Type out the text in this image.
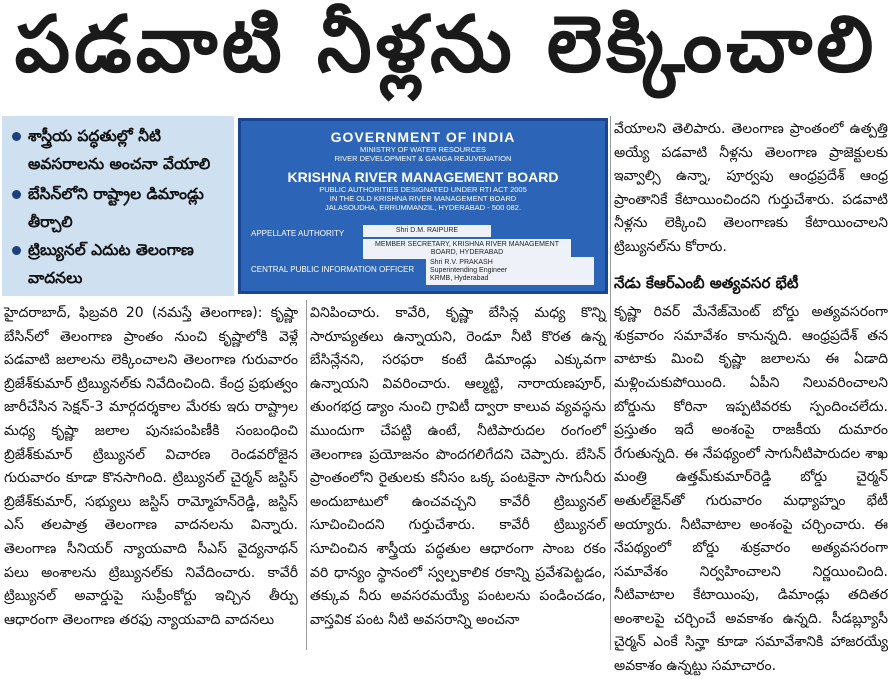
పడవాటి నీళ్లను లెక్కించాలి
శాస్త్రీయ పద్ధతుల్లో నీటి అవసరాలను అంచనా వేయాలి
బేసిన్‌లోని రాష్ట్రాల డిమాండ్లు తీర్చాలి
ట్రిబ్యునల్ ఎదుట తెలంగాణ వాదనలు
GOVERNMENT OF INDIA
MINISTRY OF WATER RESOURCES
RIVER DEVELOPMENT & GANGA REJUVENATION
KRISHNA RIVER MANAGEMENT BOARD
PUBLIC AUTHORITIES DESIGNATED UNDER RTI ACT 2005
IN THE OLD KRISHNA RIVER MANAGEMENT BOARD
JALASOUDHA, ERRUMMANZIL, HYDERABAD - 500 082.
APPELLATE AUTHORITY	Shri D.M. RAIPURE
MEMBER SECRETARY, KRISHNA RIVER MANAGEMENT BOARD, HYDERABAD
CENTRAL PUBLIC INFORMATION OFFICER
Shri R.V. PRAKASH
Superintending Engineer
KRMB, Hyderabad

హైదరాబాద్, ఫిబ్రవరి 20 (నమస్తే తెలంగాణ): కృష్ణా బేసిన్‌లో తెలంగాణ ప్రాంతం నుంచి కృష్ణాలోకి వెళ్లే పడవాటి జలాలను లెక్కించాలని తెలంగాణ గురువారం బ్రిజేశ్‌కుమార్ ట్రిబ్యునల్‌కు నివేదించింది. కేంద్ర ప్రభుత్వం జారీచేసిన సెక్షన్-3 మార్గదర్శకాల మేరకు ఇరు రాష్ట్రాల మధ్య కృష్ణా జలాల పునఃపంపిణీకి సంబంధించి బ్రిజేశ్‌కుమార్ ట్రిబ్యునల్ విచారణ రెండవరోజైన గురువారం కూడా కొనసాగింది. ట్రిబ్యునల్ చైర్మన్ జస్టిస్ బ్రిజేశ్‌కుమార్, సభ్యులు జస్టిస్ రామ్మోహన్‌రెడ్డి, జస్టిస్ ఎస్ తలపాత్ర తెలంగాణ వాదనలను విన్నారు. తెలంగాణ సీనియర్ న్యాయవాది సీఎస్ వైద్యనాథన్ పలు అంశాలను ట్రిబ్యునల్‌కు నివేదించారు. కావేరీ ట్రిబ్యునల్ అవార్డుపై సుప్రీంకోర్టు ఇచ్చిన తీర్పు ఆధారంగా తెలంగాణ తరఫు న్యాయవాది వాదనలు

వినిపించారు. కావేరి, కృష్ణా బేసిన్ల మధ్య కొన్ని సారూప్యతలు ఉన్నాయని, రెండూ నీటి కొరత ఉన్న బేసిన్లేనని, సరఫరా కంటే డిమాండ్లు ఎక్కువగా ఉన్నాయని వివరించారు. ఆల్మట్టి, నారాయణపూర్, తుంగభద్ర డ్యాం నుంచి గ్రావిటీ ద్వారా కాలువ వ్యవస్థను ముందుగా చేపట్టి ఉంటే, నీటిపారుదల రంగంలో తెలంగాణ ప్రయోజనం పొందగలిగేదని చెప్పారు. బేసిన్ ప్రాంతంలోని రైతులకు కనీసం ఒక్క పంటకైనా సాగునీరు అందుబాటులో ఉంచవచ్చని కావేరీ ట్రిబ్యునల్ సూచించిందని గుర్తుచేశారు. కావేరీ ట్రిబ్యునల్ సూచించిన శాస్త్రీయ పద్ధతుల ఆధారంగా సాంబ రకం వరి ధాన్యం స్థానంలో స్వల్పకాలిక రకాన్ని ప్రవేశపెట్టడం, తక్కువ నీరు అవసరమయ్యే పంటలను పండించడం, వాస్తవిక పంట నీటి అవసరాన్ని అంచనా

వేయాలని తెలిపారు. తెలంగాణ ప్రాంతంలో ఉత్పత్తి అయ్యే పడవాటి నీళ్లను తెలంగాణ ప్రాజెక్టులకు ఇవ్వాల్సి ఉన్నా, పూర్వపు ఆంధ్రప్రదేశ్ ఆంధ్ర ప్రాంతానికే కేటాయించిందని గుర్తుచేశారు. పడవాటి నీళ్లను లెక్కించి తెలంగాణకు కేటాయించాలని ట్రిబ్యునల్‌ను కోరారు.

నేడు కేఆర్ఎంబీ అత్యవసర భేటీ

కృష్ణా రివర్ మేనేజ్‌మెంట్ బోర్డు అత్యవసరంగా శుక్రవారం సమావేశం కానున్నది. ఆంధ్రప్రదేశ్ తన వాటాకు మించి కృష్ణా జలాలను ఈ ఏడాది మళ్లించుకుపోయింది. ఏపీని నిలువరించాలని బోర్డును కోరినా ఇప్పటివరకు స్పందించలేదు. ప్రస్తుతం ఇదే అంశంపై రాజకీయ దుమారం రేగుతున్నది. ఈ నేపథ్యంలో సాగునీటిపారుదల శాఖ మంత్రి ఉత్తమ్‌కుమార్‌రెడ్డి బోర్డు చైర్మన్ అతుల్‌జైన్‌తో గురువారం మధ్యాహ్నం భేటీ అయ్యారు. నీటివాటాల అంశంపై చర్చించారు. ఈ నేపథ్యంలో బోర్డు శుక్రవారం అత్యవసరంగా సమావేశం నిర్వహించాలని నిర్ణయించింది. నీటివాటాల కేటాయింపు, డిమాండ్లు తదితర అంశాలపై చర్చించే అవకాశం ఉన్నది. సీడబ్ల్యూసీ చైర్మన్ ఎంకే సిన్హా కూడా సమావేశానికి హాజరయ్యే అవకాశం ఉన్నట్టు సమాచారం.
